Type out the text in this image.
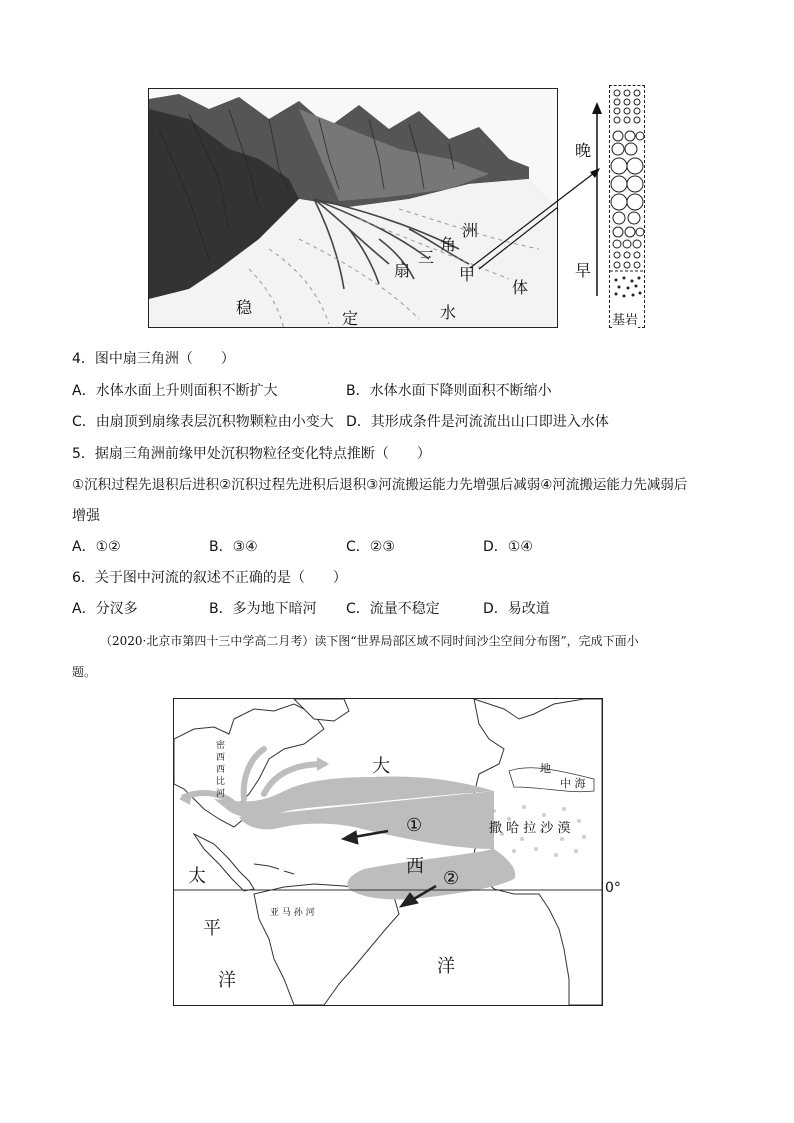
扇
三
角
洲
甲
体
稳
定	水
晚
早
基岩
4．图中扇三角洲（　　）
A．水体水面上升则面积不断扩大	B．水体水面下降则面积不断缩小
C．由扇顶到扇缘表层沉积物颗粒由小变大 D．其形成条件是河流流出山口即进入水体
5．据扇三角洲前缘甲处沉积物粒径变化特点推断（　　）
①沉积过程先退积后进积②沉积过程先进积后退积③河流搬运能力先增强后减弱④河流搬运能力先减弱后
增强
A．①②	B．③④	C．②③	D．①④
6．关于图中河流的叙述不正确的是（　　）
A．分汊多	B．多为地下暗河 C．流量不稳定	D．易改道
（2020·北京市第四十三中学高二月考）读下图“世界局部区域不同时间沙尘空间分布图”，完成下面小
题。
大
西
洋
太
平
洋
撒 哈 拉 沙 漠
中 海
地
亚 马 孙 河
密 西 西 比 河
0°
①
②
